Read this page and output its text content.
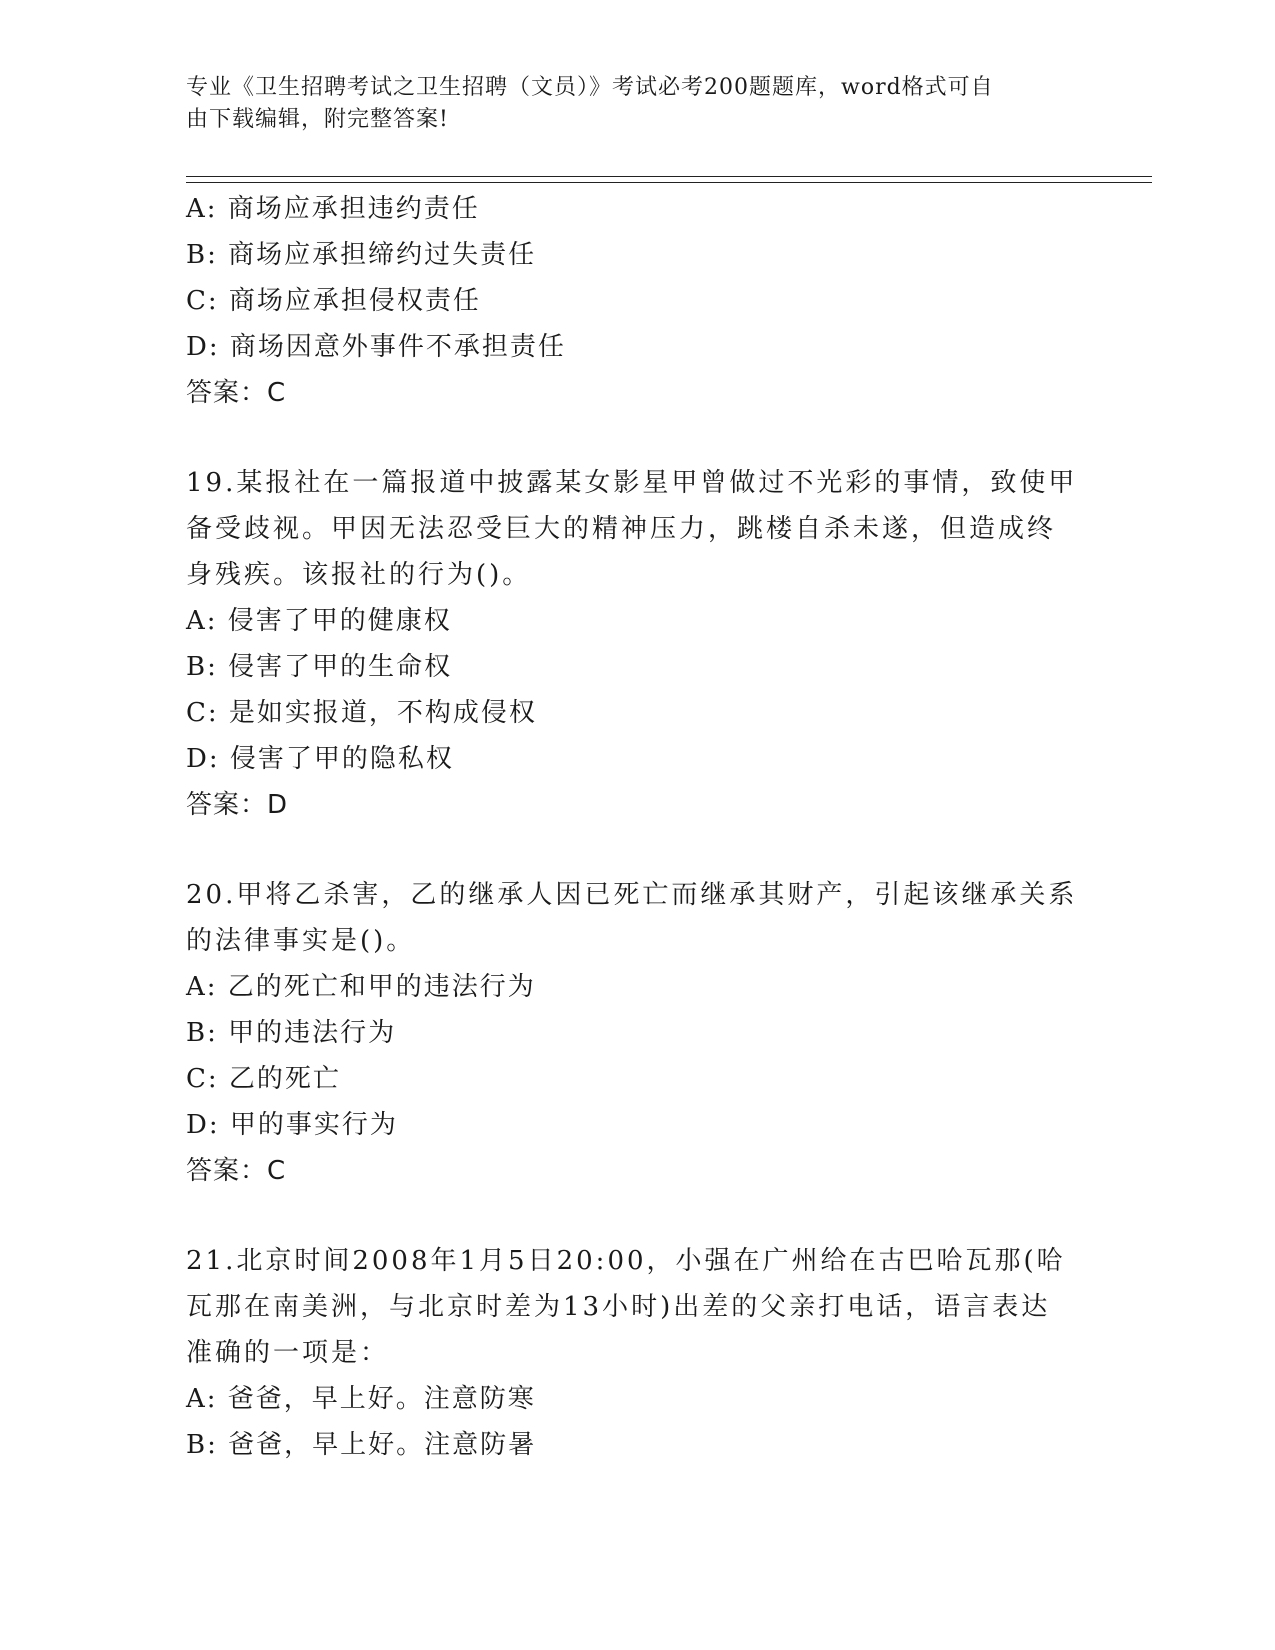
专业《卫生招聘考试之卫生招聘（文员）》考试必考200题题库，word格式可自
由下载编辑，附完整答案!
A: 商场应承担违约责任
B: 商场应承担缔约过失责任
C: 商场应承担侵权责任
D: 商场因意外事件不承担责任
答案：C
19.某报社在一篇报道中披露某女影星甲曾做过不光彩的事情，致使甲
备受歧视。甲因无法忍受巨大的精神压力，跳楼自杀未遂，但造成终
身残疾。该报社的行为()。
A: 侵害了甲的健康权
B: 侵害了甲的生命权
C: 是如实报道，不构成侵权
D: 侵害了甲的隐私权
答案：D
20.甲将乙杀害，乙的继承人因已死亡而继承其财产，引起该继承关系
的法律事实是()。
A: 乙的死亡和甲的违法行为
B: 甲的违法行为
C: 乙的死亡
D: 甲的事实行为
答案：C
21.北京时间2008年1月5日20:00，小强在广州给在古巴哈瓦那(哈
瓦那在南美洲，与北京时差为13小时)出差的父亲打电话，语言表达
准确的一项是：
A: 爸爸，早上好。注意防寒
B: 爸爸，早上好。注意防暑
